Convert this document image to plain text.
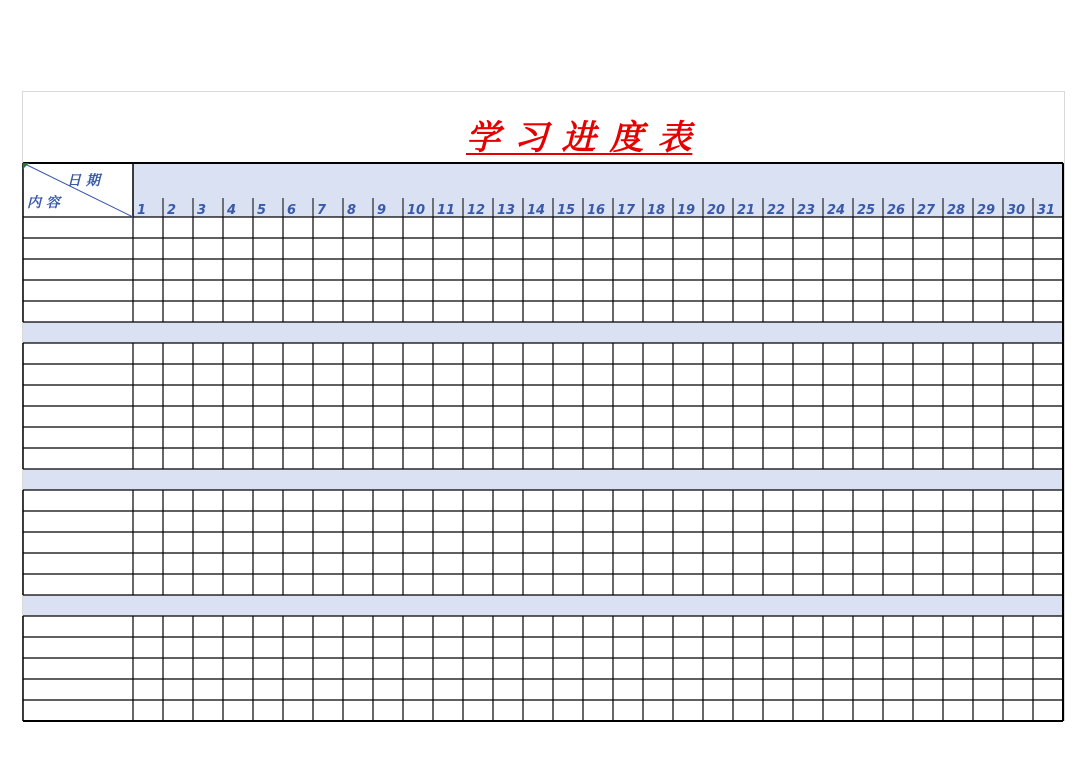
学 习 进 度 表
1 2 3 4 5 6 7 8 9 10 11 12 13 14 15 16 17 18 19 20 21 22 23 24 25 26 27 28 29 30 31
日 期
内 容
